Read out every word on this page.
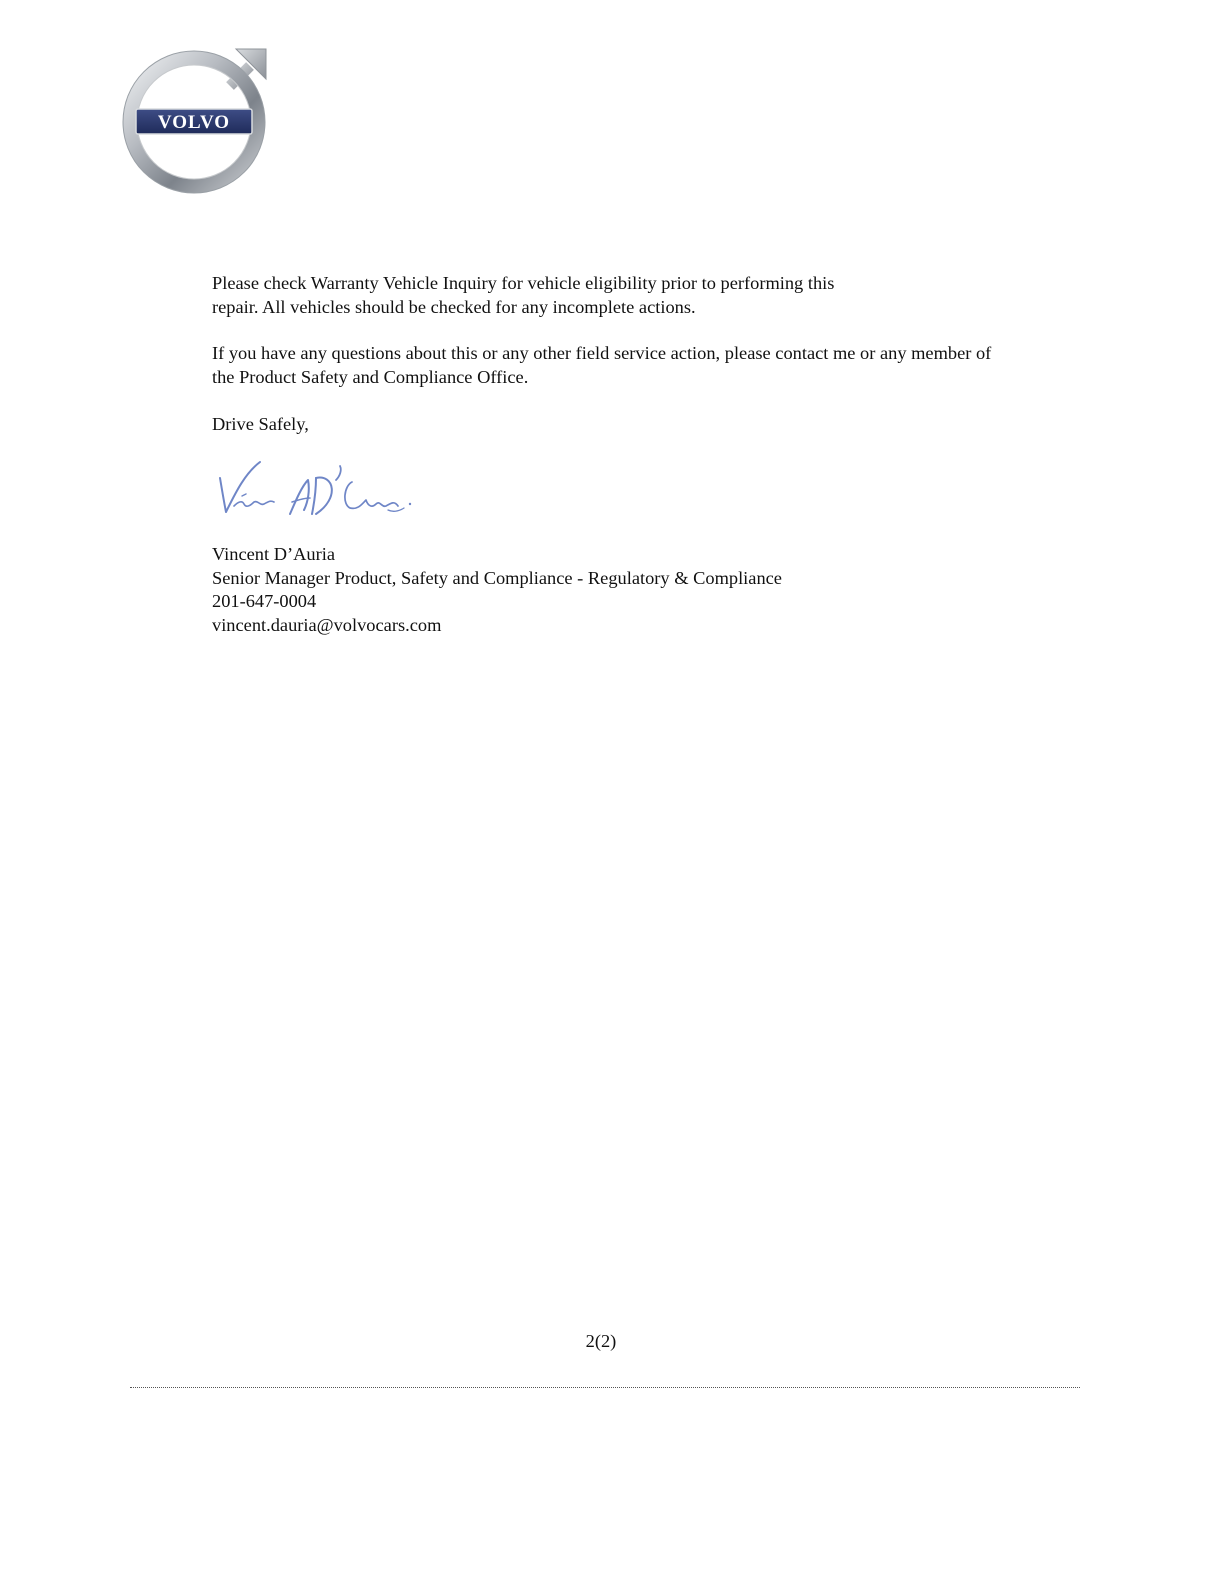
VOLVO

Please check Warranty Vehicle Inquiry for vehicle eligibility prior to performing this
repair. All vehicles should be checked for any incomplete actions.

If you have any questions about this or any other field service action, please contact me or any member of
the Product Safety and Compliance Office.

Drive Safely,

Vincent D’Auria
Senior Manager Product, Safety and Compliance - Regulatory & Compliance
201-647-0004
vincent.dauria@volvocars.com

2(2)
